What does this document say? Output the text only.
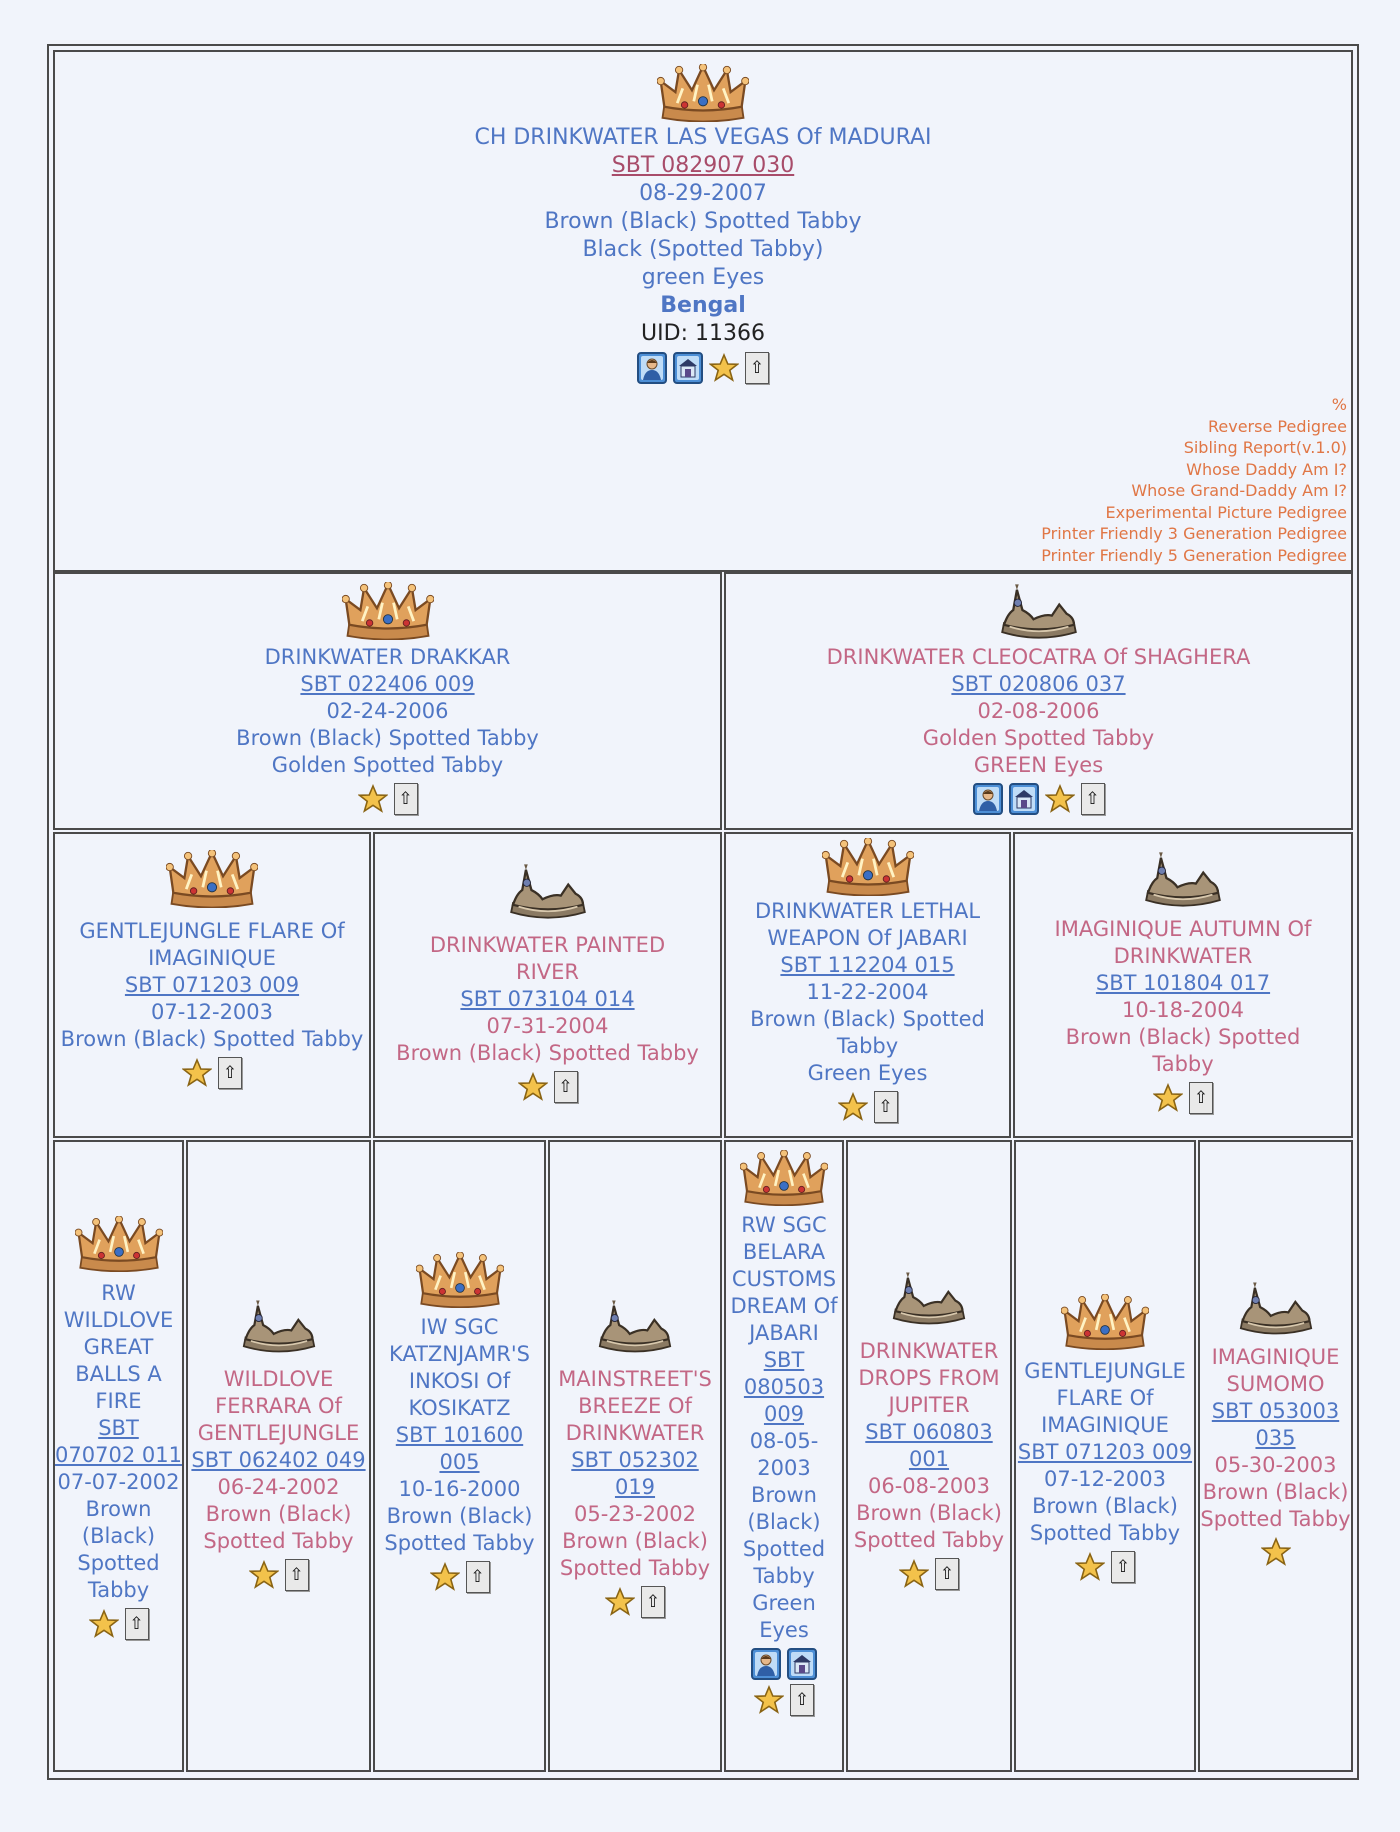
CH DRINKWATER LAS VEGAS Of MADURAI
SBT 082907 030
08-29-2007
Brown (Black) Spotted Tabby
Black (Spotted Tabby)
green Eyes
Bengal
UID: 11366
⇧
%
Reverse Pedigree
Sibling Report(v.1.0)
Whose Daddy Am I?
Whose Grand-Daddy Am I?
Experimental Picture Pedigree
Printer Friendly 3 Generation Pedigree
Printer Friendly 5 Generation Pedigree
DRINKWATER DRAKKAR
SBT 022406 009
02-24-2006
Brown (Black) Spotted Tabby
Golden Spotted Tabby
⇧
DRINKWATER CLEOCATRA Of SHAGHERA
SBT 020806 037
02-08-2006
Golden Spotted Tabby
GREEN Eyes
⇧
GENTLEJUNGLE FLARE Of IMAGINIQUE
SBT 071203 009
07-12-2003
Brown (Black) Spotted Tabby
⇧
DRINKWATER PAINTED RIVER
SBT 073104 014
07-31-2004
Brown (Black) Spotted Tabby
⇧
DRINKWATER LETHAL WEAPON Of JABARI
SBT 112204 015
11-22-2004
Brown (Black) Spotted Tabby
Green Eyes
⇧
IMAGINIQUE AUTUMN Of DRINKWATER
SBT 101804 017
10-18-2004
Brown (Black) Spotted Tabby
⇧
RW WILDLOVE GREAT BALLS A FIRE
SBT 070702 011
07-07-2002
Brown (Black) Spotted Tabby
⇧
WILDLOVE FERRARA Of GENTLEJUNGLE
SBT 062402 049
06-24-2002
Brown (Black) Spotted Tabby
⇧
IW SGC KATZNJAMR'S INKOSI Of KOSIKATZ
SBT 101600 005
10-16-2000
Brown (Black) Spotted Tabby
⇧
MAINSTREET'S BREEZE Of DRINKWATER
SBT 052302 019
05-23-2002
Brown (Black) Spotted Tabby
⇧
RW SGC BELARA CUSTOMS DREAM Of JABARI
SBT 080503 009
08-05-2003
Brown (Black) Spotted Tabby
Green Eyes
⇧
DRINKWATER DROPS FROM JUPITER
SBT 060803 001
06-08-2003
Brown (Black) Spotted Tabby
⇧
GENTLEJUNGLE FLARE Of IMAGINIQUE
SBT 071203 009
07-12-2003
Brown (Black) Spotted Tabby
⇧
IMAGINIQUE SUMOMO
SBT 053003 035
05-30-2003
Brown (Black) Spotted Tabby
